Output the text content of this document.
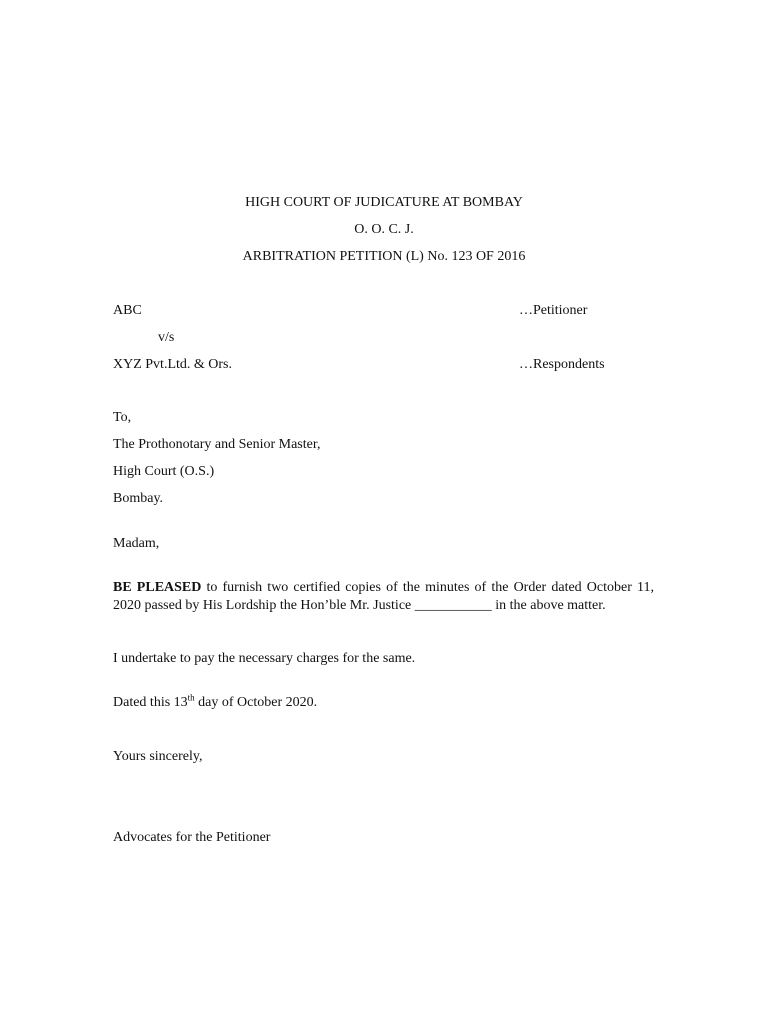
HIGH COURT OF JUDICATURE AT BOMBAY
O. O. C. J.
ARBITRATION PETITION (L) No. 123 OF 2016
ABC	…Petitioner
v/s
XYZ Pvt.Ltd. & Ors.	…Respondents
To,
The Prothonotary and Senior Master,
High Court (O.S.)
Bombay.
Madam,
BE PLEASED to furnish two certified copies of the minutes of the Order dated October 11, 2020 passed by His Lordship the Hon’ble Mr. Justice ___________ in the above matter.
I undertake to pay the necessary charges for the same.
Dated this 13th day of October 2020.
Yours sincerely,
Advocates for the Petitioner
